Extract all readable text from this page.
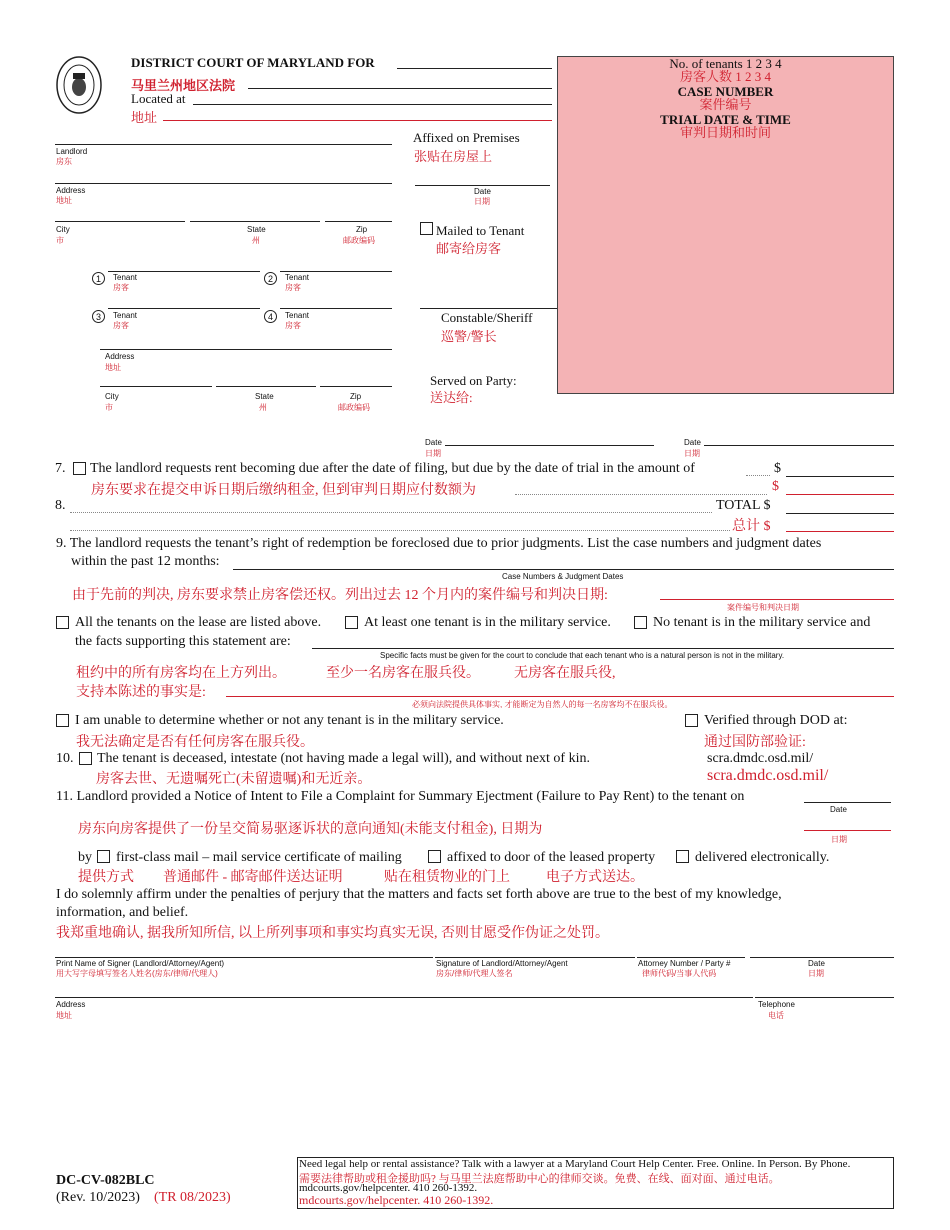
DISTRICT COURT OF MARYLAND FOR
马里兰州地区法院
Located at
地址
No. of tenants 1 2 3 4
房客人数 1 2 3 4
CASE NUMBER
案件编号
TRIAL DATE & TIME
审判日期和时间
Landlord
房东
Address
地址
City
市
State
州
Zip
邮政编码
1	Tenant
房客
2	Tenant
房客
3	Tenant
房客
4	Tenant
房客
Address
地址
City
市
State
州
Zip
邮政编码
Affixed on Premises
张贴在房屋上
Date
日期
Mailed to Tenant
邮寄给房客
Constable/Sheriff
巡警/警长
Served on Party:
送达给:
Date
日期
Date
日期
7. The landlord requests rent becoming due after the date of filing, but due by the date of trial in the amount of	$
房东要求在提交申诉日期后缴纳租金, 但到审判日期应付数额为	$
8.	TOTAL $
总计 $
9. The landlord requests the tenant’s right of redemption be foreclosed due to prior judgments. List the case numbers and judgment dates
within the past 12 months:
Case Numbers & Judgment Dates
由于先前的判决, 房东要求禁止房客偿还权。列出过去 12 个月内的案件编号和判决日期:
案件编号和判决日期
All the tenants on the lease are listed above.	At least one tenant is in the military service.	No tenant is in the military service and
the facts supporting this statement are:
Specific facts must be given for the court to conclude that each tenant who is a natural person is not in the military.
租约中的所有房客均在上方列出。	至少一名房客在服兵役。 无房客在服兵役,
支持本陈述的事实是:
必须向法院提供具体事实, 才能断定为自然人的每一名房客均不在服兵役。
I am unable to determine whether or not any tenant is in the military service.
我无法确定是否有任何房客在服兵役。
Verified through DOD at:
通过国防部验证:
10. The tenant is deceased, intestate (not having made a legal will), and without next of kin.
房客去世、无遗嘱死亡(未留遗嘱)和无近亲。
scra.dmdc.osd.mil/
scra.dmdc.osd.mil/
11. Landlord provided a Notice of Intent to File a Complaint for Summary Ejectment (Failure to Pay Rent) to the tenant on
Date
房东向房客提供了一份呈交简易驱逐诉状的意向通知(未能支付租金), 日期为
日期
by first-class mail – mail service certificate of mailing	affixed to door of the leased property	delivered electronically.
提供方式 普通邮件 - 邮寄邮件送达证明	贴在租赁物业的门上	电子方式送达。
I do solemnly affirm under the penalties of perjury that the matters and facts set forth above are true to the best of my knowledge,
information, and belief.
我郑重地确认, 据我所知所信, 以上所列事项和事实均真实无误, 否则甘愿受作伪证之处罚。
Print Name of Signer (Landlord/Attorney/Agent)
用大写字母填写签名人姓名(房东/律师/代理人)
Signature of Landlord/Attorney/Agent
房东/律师/代理人签名
Attorney Number / Party #
律师代码/当事人代码
Date
日期
Address
地址
Telephone
电话
DC-CV-082BLC
(Rev. 10/2023) (TR 08/2023)
Need legal help or rental assistance? Talk with a lawyer at a Maryland Court Help Center. Free. Online. In Person. By Phone.
需要法律帮助或租金援助吗? 与马里兰法庭帮助中心的律师交谈。免费、在线、面对面、通过电话。
mdcourts.gov/helpcenter. 410 260-1392.
mdcourts.gov/helpcenter. 410 260-1392.
